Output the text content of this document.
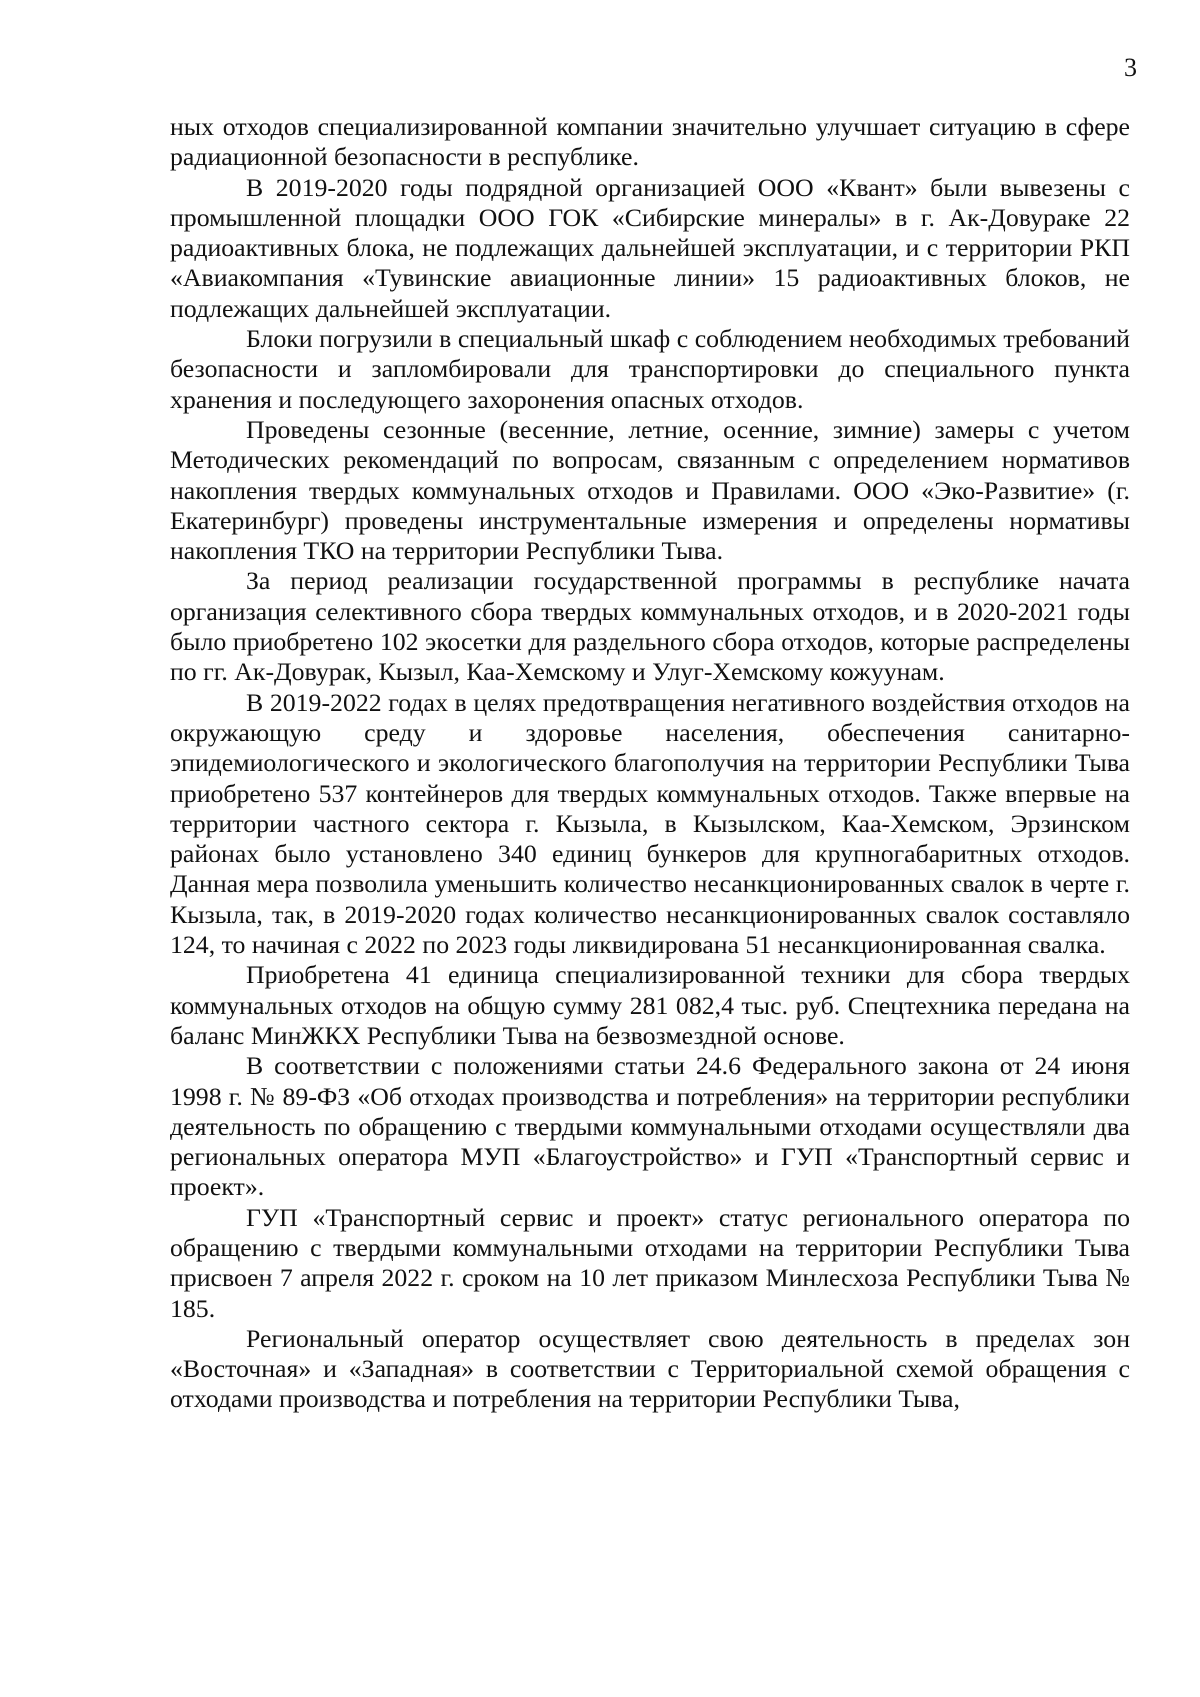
3

ных отходов специализированной компании значительно улучшает ситуацию в сфере радиационной безопасности в республике.

В 2019-2020 годы подрядной организацией ООО «Квант» были вывезены с промышленной площадки ООО ГОК «Сибирские минералы» в г. Ак-Довураке 22 радиоактивных блока, не подлежащих дальнейшей эксплуатации, и с территории РКП «Авиакомпания «Тувинские авиационные линии» 15 радиоактивных блоков, не подлежащих дальнейшей эксплуатации.

Блоки погрузили в специальный шкаф с соблюдением необходимых требований безопасности и запломбировали для транспортировки до специального пункта хранения и последующего захоронения опасных отходов.

Проведены сезонные (весенние, летние, осенние, зимние) замеры с учетом Методических рекомендаций по вопросам, связанным с определением нормативов накопления твердых коммунальных отходов и Правилами. ООО «Эко-Развитие» (г. Екатеринбург) проведены инструментальные измерения и определены нормативы накопления ТКО на территории Республики Тыва.

За период реализации государственной программы в республике начата организация селективного сбора твердых коммунальных отходов, и в 2020-2021 годы было приобретено 102 экосетки для раздельного сбора отходов, которые распределены по гг. Ак-Довурак, Кызыл, Каа-Хемскому и Улуг-Хемскому кожуунам.

В 2019-2022 годах в целях предотвращения негативного воздействия отходов на окружающую среду и здоровье населения, обеспечения санитарно-эпидемиологического и экологического благополучия на территории Республики Тыва приобретено 537 контейнеров для твердых коммунальных отходов. Также впервые на территории частного сектора г. Кызыла, в Кызылском, Каа-Хемском, Эрзинском районах было установлено 340 единиц бункеров для крупногабаритных отходов. Данная мера позволила уменьшить количество несанкционированных свалок в черте г. Кызыла, так, в 2019-2020 годах количество несанкционированных свалок составляло 124, то начиная с 2022 по 2023 годы ликвидирована 51 несанкционированная свалка.

Приобретена 41 единица специализированной техники для сбора твердых коммунальных отходов на общую сумму 281 082,4 тыс. руб. Спецтехника передана на баланс МинЖКХ Республики Тыва на безвозмездной основе.

В соответствии с положениями статьи 24.6 Федерального закона от 24 июня 1998 г. № 89-ФЗ «Об отходах производства и потребления» на территории республики деятельность по обращению с твердыми коммунальными отходами осуществляли два региональных оператора МУП «Благоустройство» и ГУП «Транспортный сервис и проект».

ГУП «Транспортный сервис и проект» статус регионального оператора по обращению с твердыми коммунальными отходами на территории Республики Тыва присвоен 7 апреля 2022 г. сроком на 10 лет приказом Минлесхоза Республики Тыва № 185.

Региональный оператор осуществляет свою деятельность в пределах зон «Восточная» и «Западная» в соответствии с Территориальной схемой обращения с отходами производства и потребления на территории Республики Тыва,
